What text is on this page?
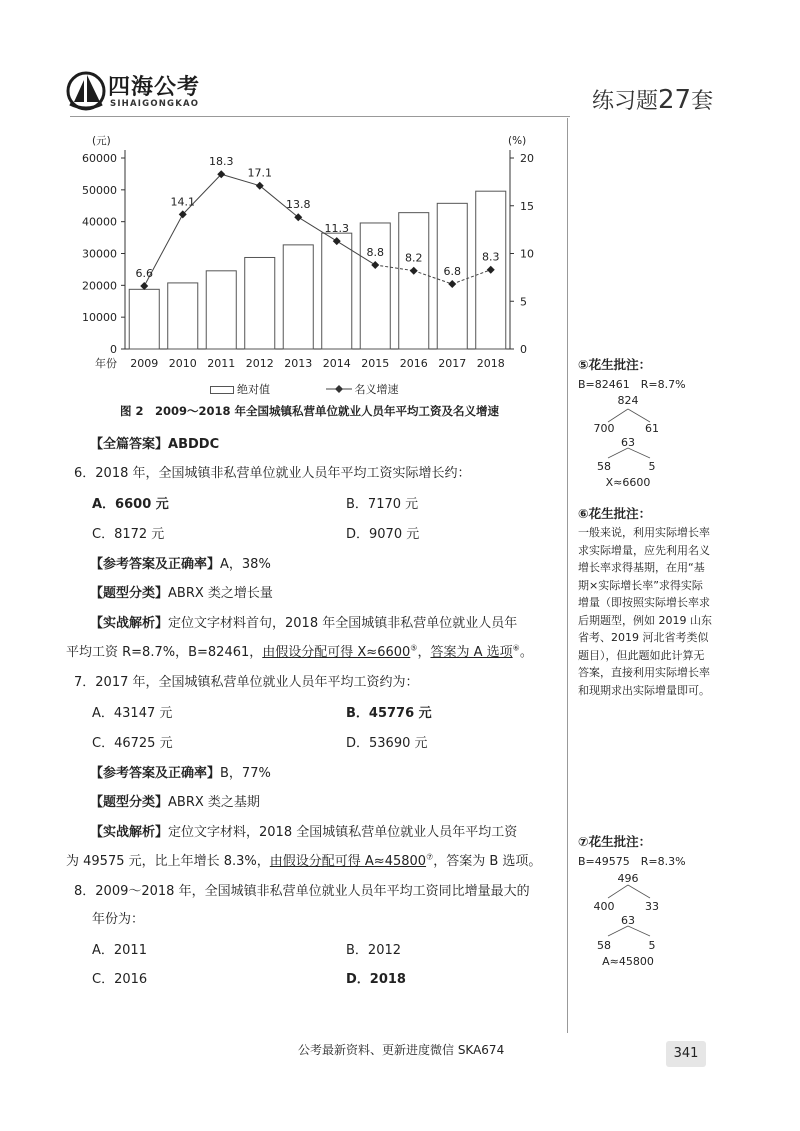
四海公考
SIHAIGONGKAO	练习题27套
(元)	(%)
0
10000
20000
30000
40000
50000
60000
0
5
10
15
20
年份 2009 2010 2011 2012 2013 2014 2015 2016 2017 2018
6.6
14.1
18.3
17.1
13.8
11.3
8.8 8.2
6.8
8.3
绝对值	名义增速
图 2　2009～2018 年全国城镇私营单位就业人员年平均工资及名义增速
【全篇答案】ABDDC
6．2018 年，全国城镇非私营单位就业人员年平均工资实际增长约：
A．6600 元	B．7170 元
C．8172 元	D．9070 元
【参考答案及正确率】A，38%
【题型分类】ABRX 类之增长量
【实战解析】定位文字材料首句，2018 年全国城镇非私营单位就业人员年
平均工资 R=8.7%，B=82461，由假设分配可得 X≈6600⑤，答案为 A 选项⑥。
7．2017 年，全国城镇私营单位就业人员年平均工资约为：
A．43147 元	B．45776 元
C．46725 元	D．53690 元
【参考答案及正确率】B，77%
【题型分类】ABRX 类之基期
【实战解析】定位文字材料，2018 全国城镇私营单位就业人员年平均工资
为 49575 元，比上年增长 8.3%，由假设分配可得 A≈45800⑦，答案为 B 选项。
8．2009～2018 年，全国城镇非私营单位就业人员年平均工资同比增量最大的
年份为：
A．2011	B．2012
C．2016	D．2018
⑤花生批注：
B=82461　R=8.7%
824
700	61
63
58	5
X≈6600
⑥花生批注：
一般来说，利用实际增长率求实际增量，应先利用名义增长率求得基期，在用“基期×实际增长率”求得实际增量（即按照实际增长率求后期题型，例如 2019 山东省考、2019 河北省考类似题目），但此题如此计算无答案，直接利用实际增长率和现期求出实际增量即可。
⑦花生批注：
B=49575　R=8.3%
496
400	33
63
58	5
A≈45800
公考最新资料、更新进度微信 SKA674	341
